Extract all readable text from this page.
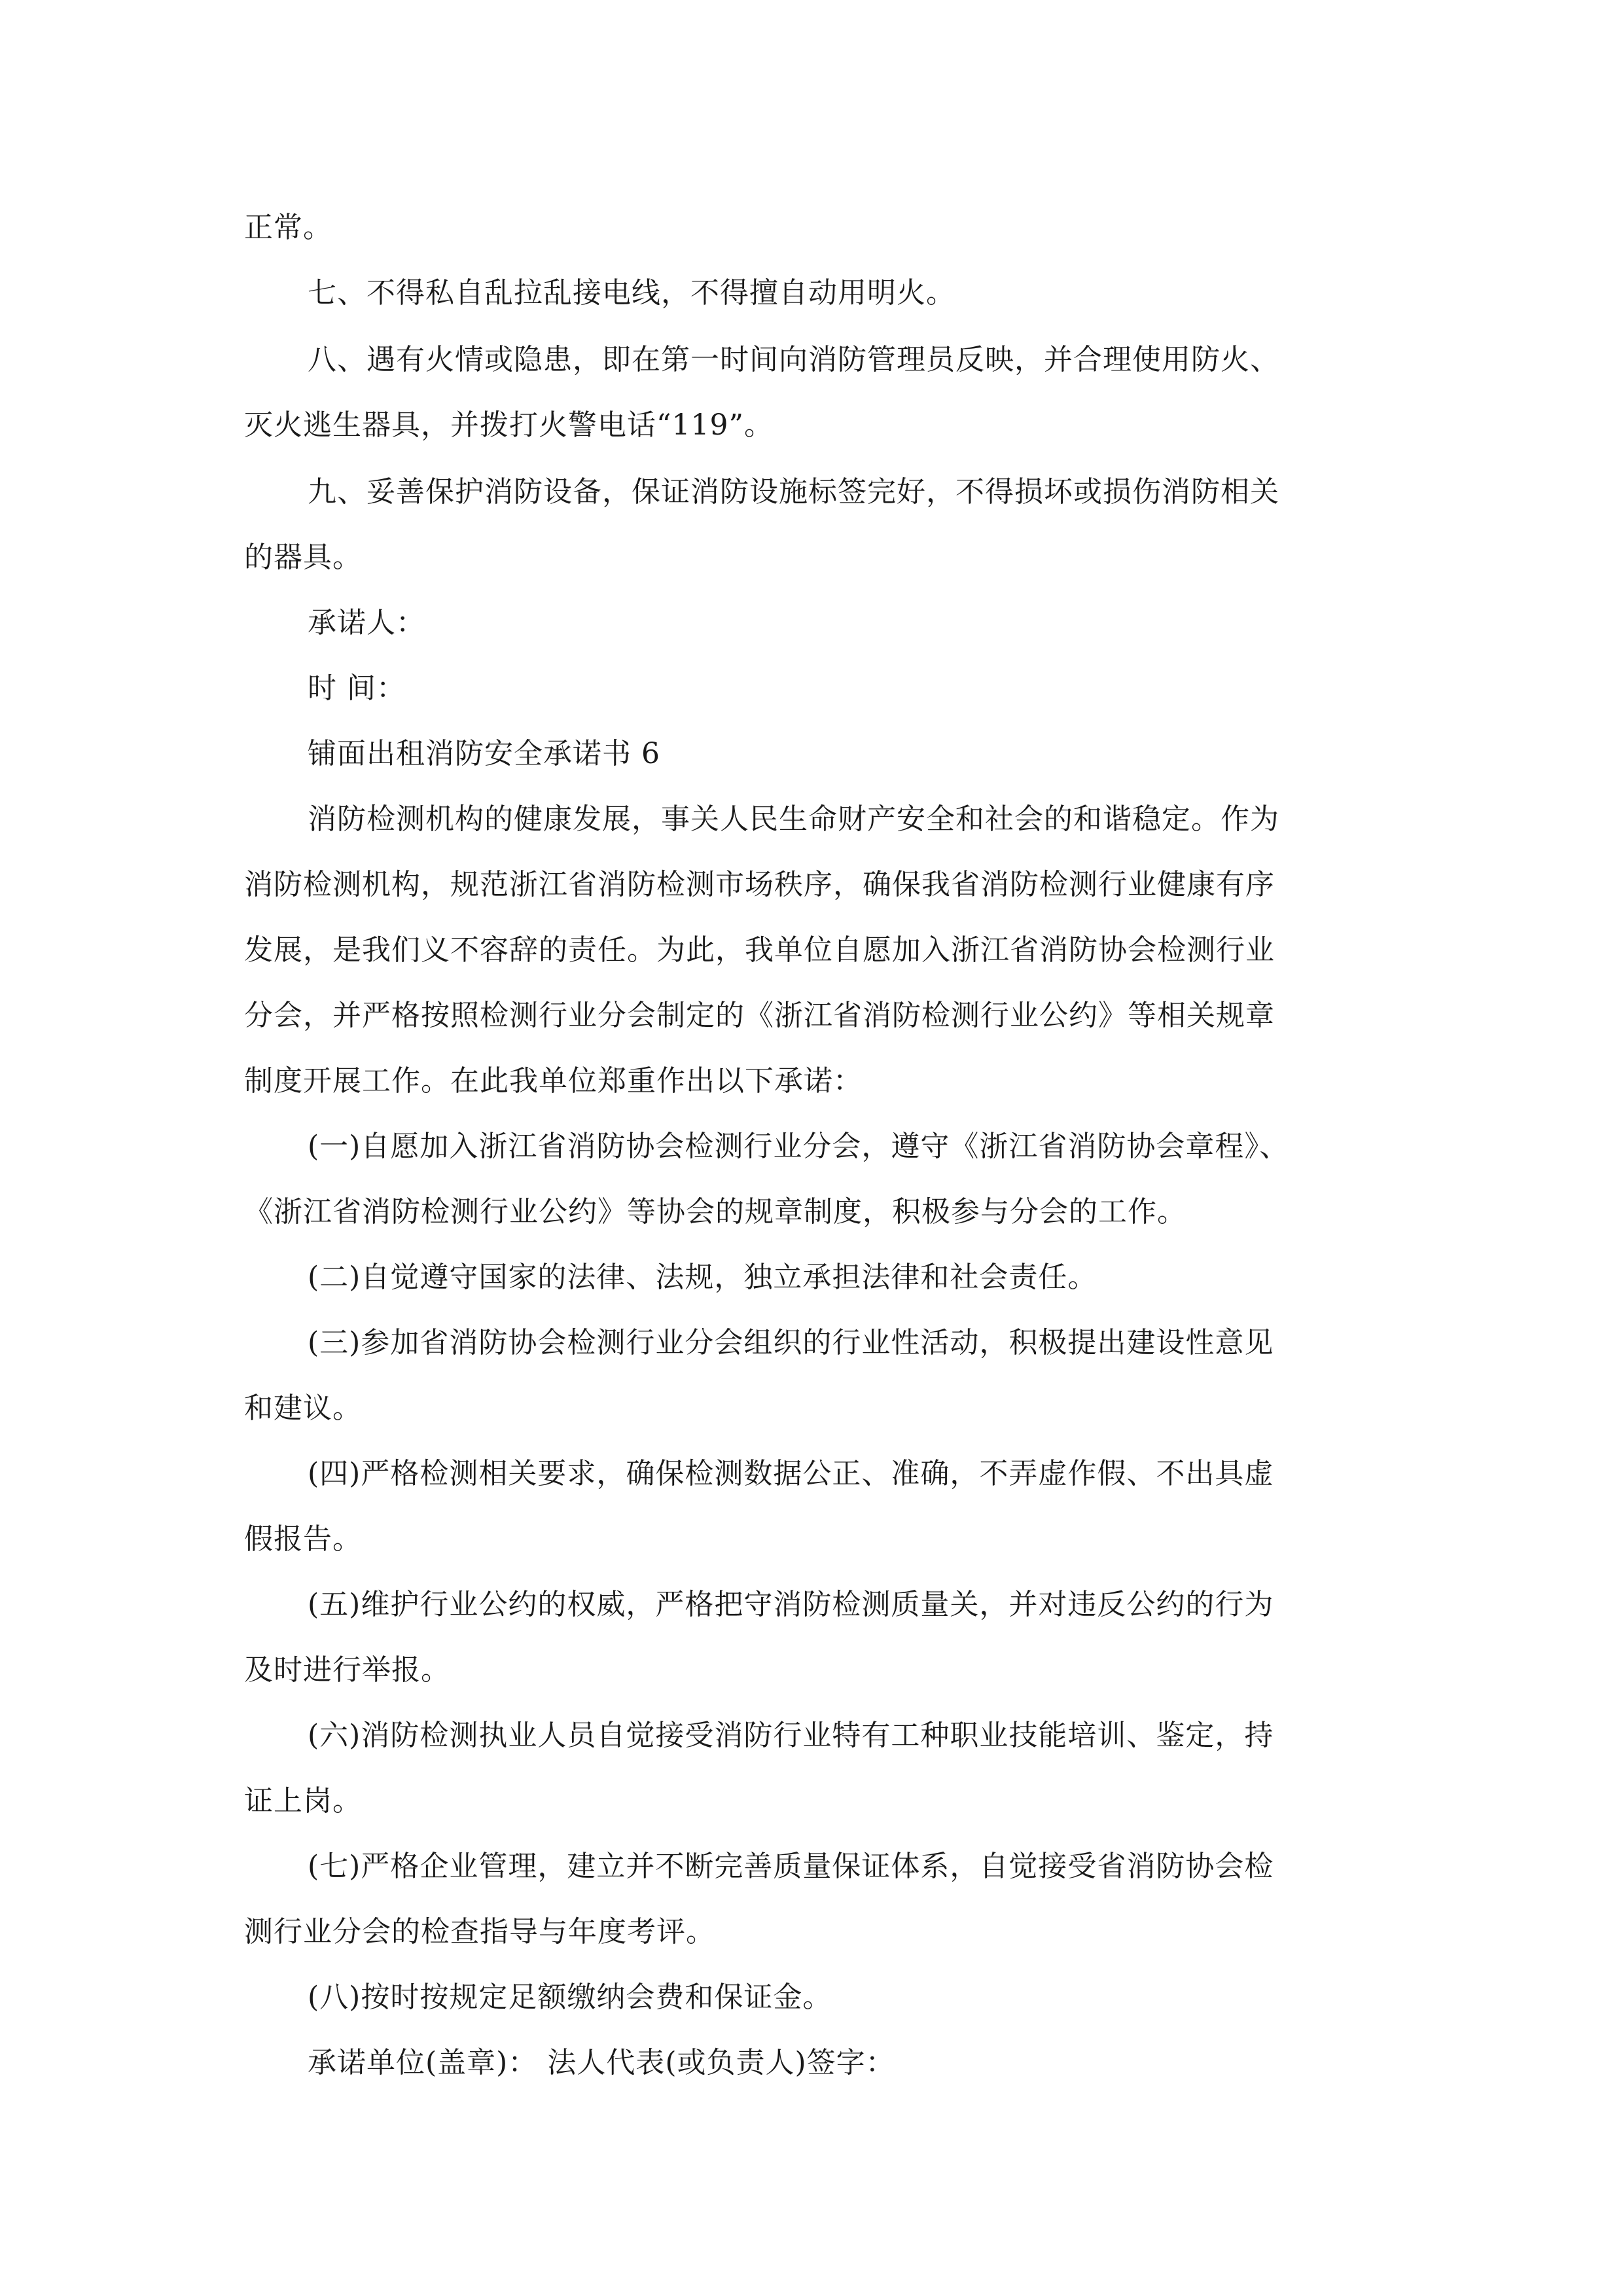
正常。
七、不得私自乱拉乱接电线，不得擅自动用明火。
八、遇有火情或隐患，即在第一时间向消防管理员反映，并合理使用防火、
灭火逃生器具，并拨打火警电话“119”。
九、妥善保护消防设备，保证消防设施标签完好，不得损坏或损伤消防相关
的器具。
承诺人：
时 间：
铺面出租消防安全承诺书 6
消防检测机构的健康发展，事关人民生命财产安全和社会的和谐稳定。作为
消防检测机构，规范浙江省消防检测市场秩序，确保我省消防检测行业健康有序
发展，是我们义不容辞的责任。为此，我单位自愿加入浙江省消防协会检测行业
分会，并严格按照检测行业分会制定的《浙江省消防检测行业公约》等相关规章
制度开展工作。在此我单位郑重作出以下承诺：
(一)自愿加入浙江省消防协会检测行业分会，遵守《浙江省消防协会章程》、
《浙江省消防检测行业公约》等协会的规章制度，积极参与分会的工作。
(二)自觉遵守国家的法律、法规，独立承担法律和社会责任。
(三)参加省消防协会检测行业分会组织的行业性活动，积极提出建设性意见
和建议。
(四)严格检测相关要求，确保检测数据公正、准确，不弄虚作假、不出具虚
假报告。
(五)维护行业公约的权威，严格把守消防检测质量关，并对违反公约的行为
及时进行举报。
(六)消防检测执业人员自觉接受消防行业特有工种职业技能培训、鉴定，持
证上岗。
(七)严格企业管理，建立并不断完善质量保证体系，自觉接受省消防协会检
测行业分会的检查指导与年度考评。
(八)按时按规定足额缴纳会费和保证金。
承诺单位(盖章)： 法人代表(或负责人)签字：
